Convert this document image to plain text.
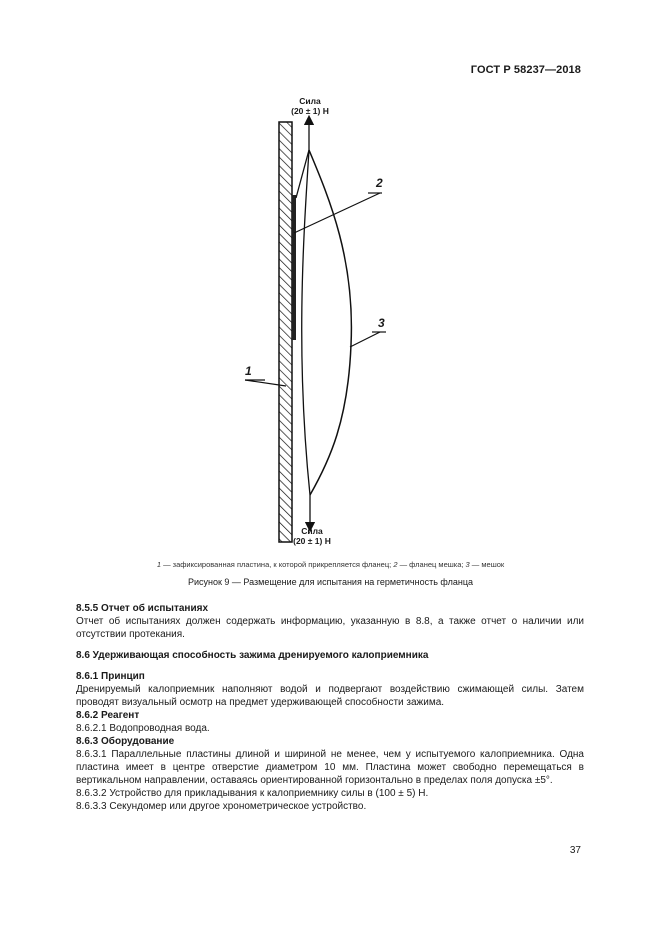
ГОСТ Р 58237—2018
Сила
(20 ± 1) Н
Сила
(20 ± 1) Н
1
2
3
1 — зафиксированная пластина, к которой прикрепляется фланец; 2 — фланец мешка; 3 — мешок
Рисунок 9 — Размещение для испытания на герметичность фланца

8.5.5 Отчет об испытаниях

Отчет об испытаниях должен содержать информацию, указанную в 8.8, а также отчет о наличии или отсутствии протекания.

8.6 Удерживающая способность зажима дренируемого калоприемника

8.6.1 Принцип

Дренируемый калоприемник наполняют водой и подвергают воздействию сжимающей силы. Затем проводят визуальный осмотр на предмет удерживающей способности зажима.

8.6.2 Реагент

8.6.2.1 Водопроводная вода.

8.6.3 Оборудование

8.6.3.1 Параллельные пластины длиной и шириной не менее, чем у испытуемого калоприемника. Одна пластина имеет в центре отверстие диаметром 10 мм. Пластина может свободно перемещаться в вертикальном направлении, оставаясь ориентированной горизонтально в пределах поля допуска ±5°.

8.6.3.2 Устройство для прикладывания к калоприемнику силы в (100 ± 5) Н.

8.6.3.3 Секундомер или другое хронометрическое устройство.

37
